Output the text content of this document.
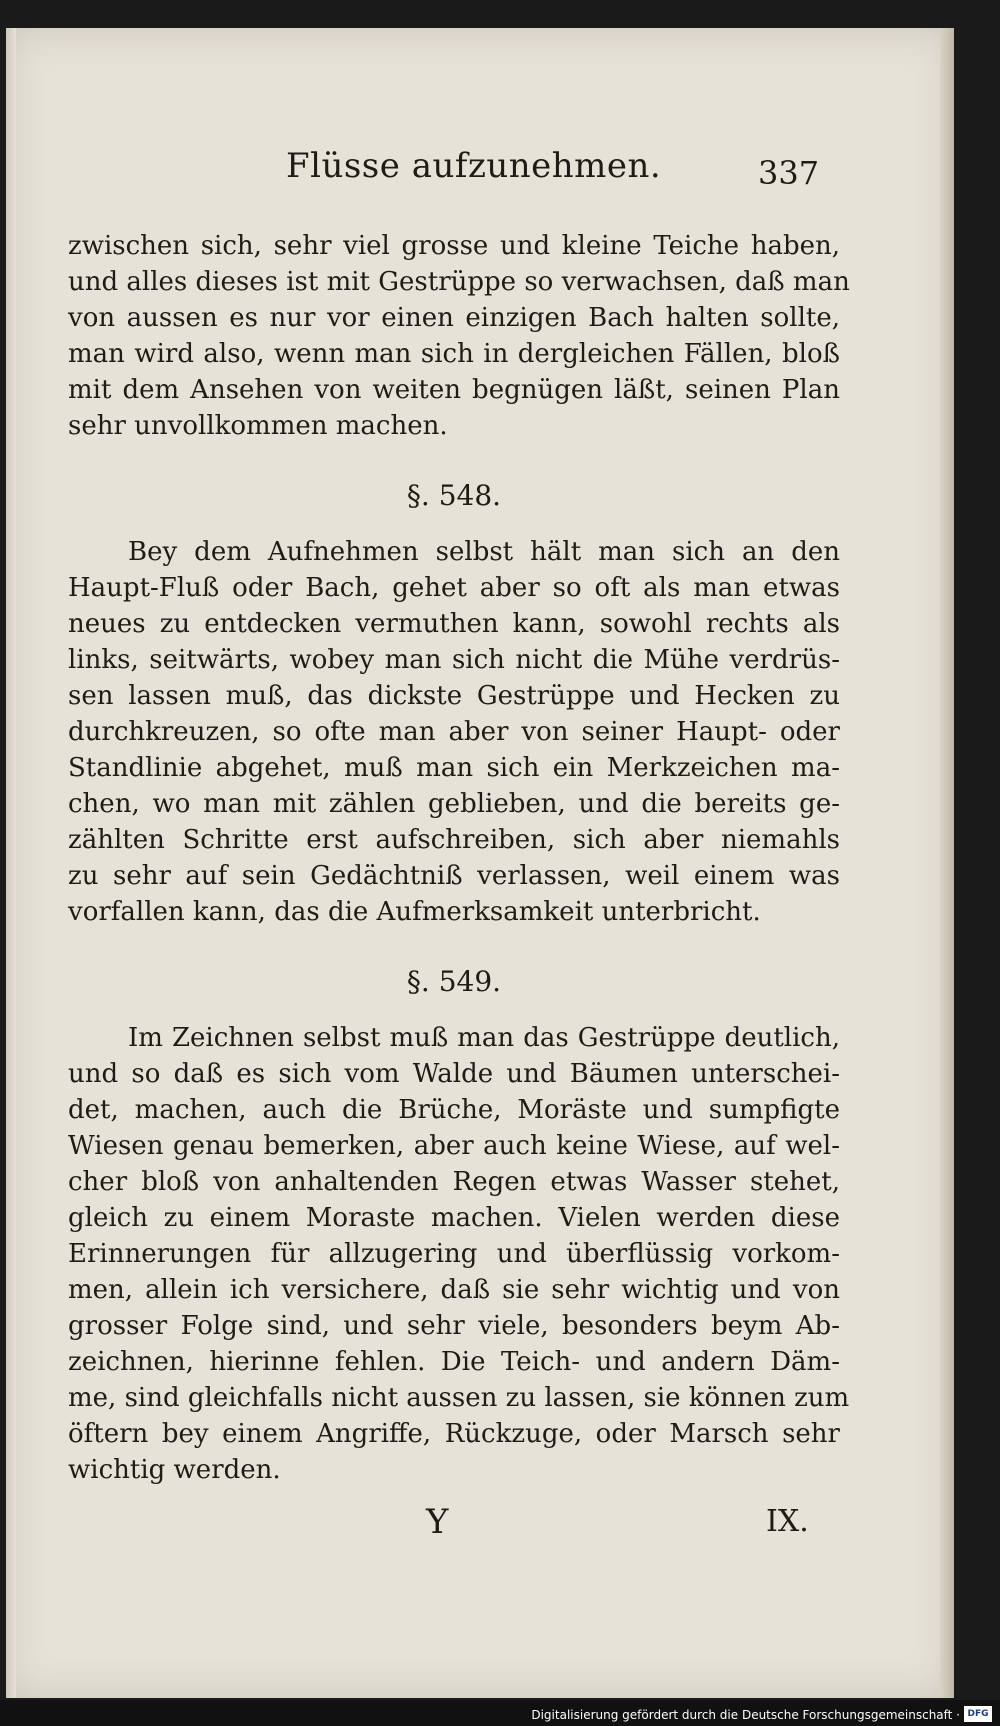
Flüsse aufzunehmen.	337
zwischen sich, sehr viel grosse und kleine Teiche haben,
und alles dieses ist mit Gestrüppe so verwachsen, daß man
von aussen es nur vor einen einzigen Bach halten sollte,
man wird also, wenn man sich in dergleichen Fällen, bloß
mit dem Ansehen von weiten begnügen läßt, seinen Plan
sehr unvollkommen machen.
§. 548.
Bey dem Aufnehmen selbst hält man sich an den
Haupt-Fluß oder Bach, gehet aber so oft als man etwas
neues zu entdecken vermuthen kann, sowohl rechts als
links, seitwärts, wobey man sich nicht die Mühe verdrüs-
sen lassen muß, das dickste Gestrüppe und Hecken zu
durchkreuzen, so ofte man aber von seiner Haupt- oder
Standlinie abgehet, muß man sich ein Merkzeichen ma-
chen, wo man mit zählen geblieben, und die bereits ge-
zählten Schritte erst aufschreiben, sich aber niemahls
zu sehr auf sein Gedächtniß verlassen, weil einem was
vorfallen kann, das die Aufmerksamkeit unterbricht.
§. 549.
Im Zeichnen selbst muß man das Gestrüppe deutlich,
und so daß es sich vom Walde und Bäumen unterschei-
det, machen, auch die Brüche, Moräste und sumpfigte
Wiesen genau bemerken, aber auch keine Wiese, auf wel-
cher bloß von anhaltenden Regen etwas Wasser stehet,
gleich zu einem Moraste machen. Vielen werden diese
Erinnerungen für allzugering und überflüssig vorkom-
men, allein ich versichere, daß sie sehr wichtig und von
grosser Folge sind, und sehr viele, besonders beym Ab-
zeichnen, hierinne fehlen. Die Teich- und andern Däm-
me, sind gleichfalls nicht aussen zu lassen, sie können zum
öftern bey einem Angriffe, Rückzuge, oder Marsch sehr
wichtig werden.
Y	IX.
Digitalisierung gefördert durch die Deutsche Forschungsgemeinschaft · DFG
